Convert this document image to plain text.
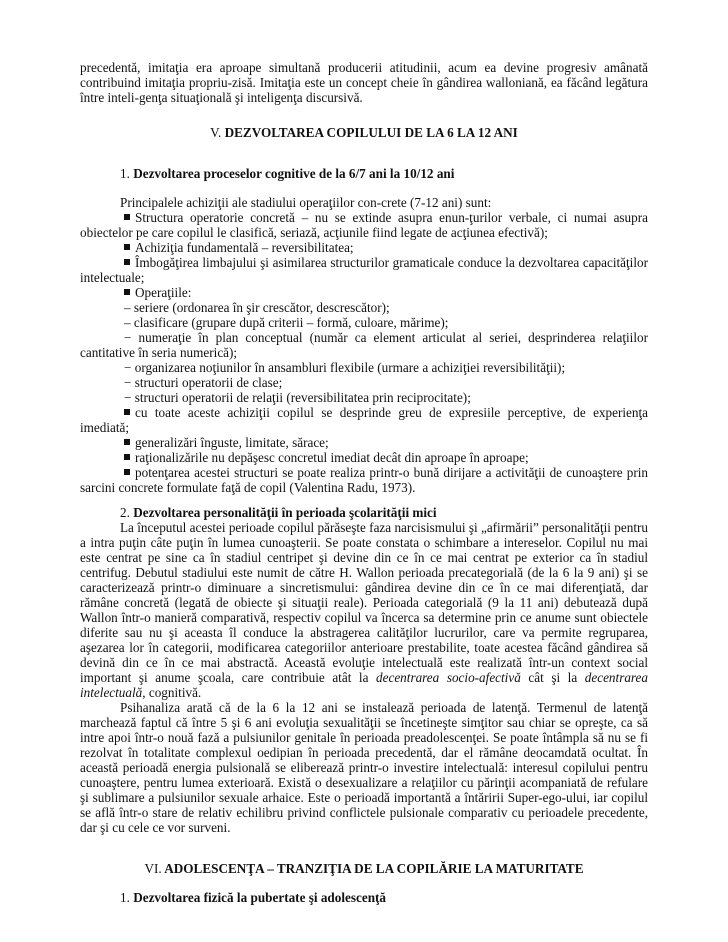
precedentă, imitaţia era aproape simultană producerii atitudinii, acum ea devine progresiv amânată contribuind imitaţia propriu-zisă. Imitaţia este un concept cheie în gândirea walloniană, ea făcând legătura între inteli-genţa situaţională şi inteligenţa discursivă.

V. DEZVOLTAREA COPILULUI DE LA 6 LA 12 ANI
1. Dezvoltarea proceselor cognitive de la 6/7 ani la 10/12 ani

Principalele achiziţii ale stadiului operaţiilor con-crete (7-12 ani) sunt:

Structura operatorie concretă – nu se extinde asupra enun-ţurilor verbale, ci numai asupra obiectelor pe care copilul le clasifică, seriază, acţiunile fiind legate de acţiunea efectivă);

Achiziţia fundamentală – reversibilitatea;

Îmbogăţirea limbajului şi asimilarea structurilor gramaticale conduce la dezvoltarea capacităţilor intelectuale;

Operaţiile:

– seriere (ordonarea în şir crescător, descrescător);

– clasificare (grupare după criterii – formă, culoare, mărime);

− numeraţie în plan conceptual (număr ca element articulat al seriei, desprinderea relaţiilor cantitative în seria numerică);

− organizarea noţiunilor în ansambluri flexibile (urmare a achiziţiei reversibilităţii);

− structuri operatorii de clase;

− structuri operatorii de relaţii (reversibilitatea prin reciprocitate);

cu toate aceste achiziţii copilul se desprinde greu de expresiile perceptive, de experienţa imediată;

generalizări înguste, limitate, sărace;

raţionalizările nu depăşesc concretul imediat decât din aproape în aproape;

potenţarea acestei structuri se poate realiza printr-o bună dirijare a activităţii de cunoaştere prin sarcini concrete formulate faţă de copil (Valentina Radu, 1973).

2. Dezvoltarea personalităţii în perioada şcolarităţii mici

La începutul acestei perioade copilul părăseşte faza narcisismului şi „afirmării” personalităţii pentru a intra puţin câte puţin în lumea cunoaşterii. Se poate constata o schimbare a intereselor. Copilul nu mai este centrat pe sine ca în stadiul centripet şi devine din ce în ce mai centrat pe exterior ca în stadiul centrifug. Debutul stadiului este numit de către H. Wallon perioada precategorială (de la 6 la 9 ani) şi se caracterizează printr-o diminuare a sincretismului: gândirea devine din ce în ce mai diferenţiată, dar rămâne concretă (legată de obiecte şi situaţii reale). Perioada categorială (9 la 11 ani) debutează după Wallon într-o manieră comparativă, respectiv copilul va încerca sa determine prin ce anume sunt obiectele diferite sau nu şi aceasta îl conduce la abstragerea calităţilor lucrurilor, care va permite regruparea, aşezarea lor în categorii, modificarea categoriilor anterioare prestabilite, toate acestea făcând gândirea să devină din ce în ce mai abstractă. Această evoluţie intelectuală este realizată într-un context social important şi anume şcoala, care contribuie atât la decentrarea socio-afectivă cât şi la decentrarea intelectuală, cognitivă.

Psihanaliza arată că de la 6 la 12 ani se instalează perioada de latenţă. Termenul de latenţă marchează faptul că între 5 şi 6 ani evoluţia sexualităţii se încetineşte simţitor sau chiar se opreşte, ca să intre apoi într-o nouă fază a pulsiunilor genitale în perioada preadolescenţei. Se poate întâmpla să nu se fi rezolvat în totalitate complexul oedipian în perioada precedentă, dar el rămâne deocamdată ocultat. În această perioadă energia pulsională se eliberează printr-o investire intelectuală: interesul copilului pentru cunoaştere, pentru lumea exterioară. Există o desexualizare a relaţiilor cu părinţii acompaniată de refulare şi sublimare a pulsiunilor sexuale arhaice. Este o perioadă importantă a întăririi Super-ego-ului, iar copilul se află într-o stare de relativ echilibru privind conflictele pulsionale comparativ cu perioadele precedente, dar şi cu cele ce vor surveni.

VI. ADOLESCENŢA – TRANZIŢIA DE LA COPILĂRIE LA MATURITATE
1. Dezvoltarea fizică la pubertate şi adolescenţă
